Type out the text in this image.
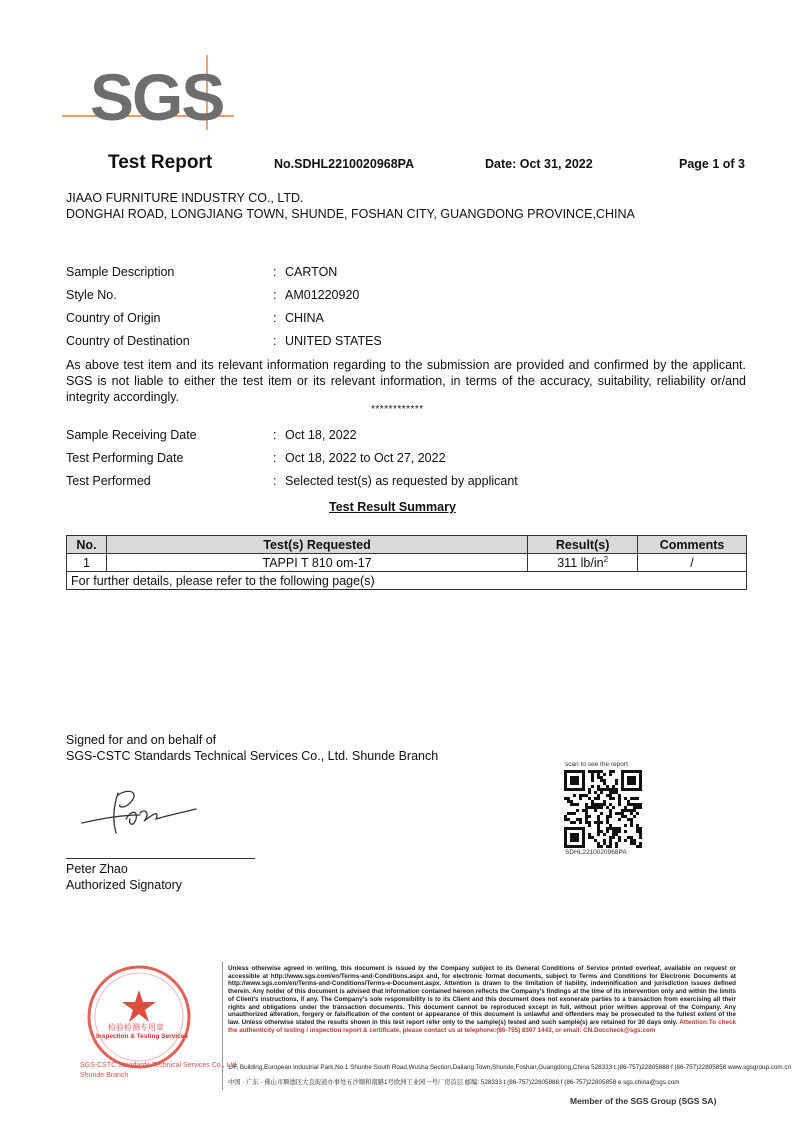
SGS
Test Report	No.SDHL2210020968PA	Date: Oct 31, 2022	Page 1 of 3
JIAAO FURNITURE INDUSTRY CO., LTD.
DONGHAI ROAD, LONGJIANG TOWN, SHUNDE, FOSHAN CITY, GUANGDONG PROVINCE,CHINA
Sample Description	: CARTON
Style No.	: AM01220920
Country of Origin	: CHINA
Country of Destination	: UNITED STATES
As above test item and its relevant information regarding to the submission are provided and confirmed by the applicant. SGS is not liable to either the test item or its relevant information, in terms of the accuracy, suitability, reliability or/and integrity accordingly.
************
Sample Receiving Date	: Oct 18, 2022
Test Performing Date	: Oct 18, 2022 to Oct 27, 2022
Test Performed	: Selected test(s) as requested by applicant
Test Result Summary
No.	Test(s) Requested	Result(s)	Comments
1	TAPPI T 810 om-17	311 $lb/in^2$	/
For further details, please refer to the following page(s)			
Signed for and on behalf of
SGS-CSTC Standards Technical Services Co., Ltd. Shunde Branch
Peter Zhao
Authorized Signatory
scan to see the report
SDHL2210020968PA
检验检测专用章
Inspection & Testing Services
SGS-CSTC Standards Technical Services Co., Ltd.
Shunde Branch
Unless otherwise agreed in writing, this document is issued by the Company subject to its General Conditions of Service printed overleaf, available on request or accessible at http://www.sgs.com/en/Terms-and-Conditions.aspx and, for electronic format documents, subject to Terms and Conditions for Electronic Documents at http://www.sgs.com/en/Terms-and-Conditions/Terms-e-Document.aspx. Attention is drawn to the limitation of liability, indemnification and jurisdiction issues defined therein. Any holder of this document is advised that information contained hereon reflects the Company's findings at the time of its intervention only and within the limits of Client's instructions, if any. The Company's sole responsibility is to its Client and this document does not exonerate parties to a transaction from exercising all their rights and obligations under the transaction documents. This document cannot be reproduced except in full, without prior written approval of the Company. Any unauthorized alteration, forgery or falsification of the content or appearance of this document is unlawful and offenders may be prosecuted to the fullest extent of the law. Unless otherwise stated the results shown in this test report refer only to the sample(s) tested and such sample(s) are retained for 30 days only. Attention:To check the authenticity of testing / inspection report & certificate, please contact us at telephone:(86-755) 8307 1443, or email: CN.Doccheck@sgs.com
1/F, Building,European Industrial Park,No.1 Shunhe South Road,Wusha Section,Daliang Town,Shunde,Foshan,Guangdong,China 528333 t (86-757)22805888 f (86-757)22805858 www.sgsgroup.com.cn
中国 · 广东 · 佛山市顺德区大良街道办事处五沙顺和南路1号欧洲工业园一号厂房首层 邮编: 528333 t (86-757)22805888 f (86-757)22805858 e sgs.china@sgs.com
Member of the SGS Group (SGS SA)
